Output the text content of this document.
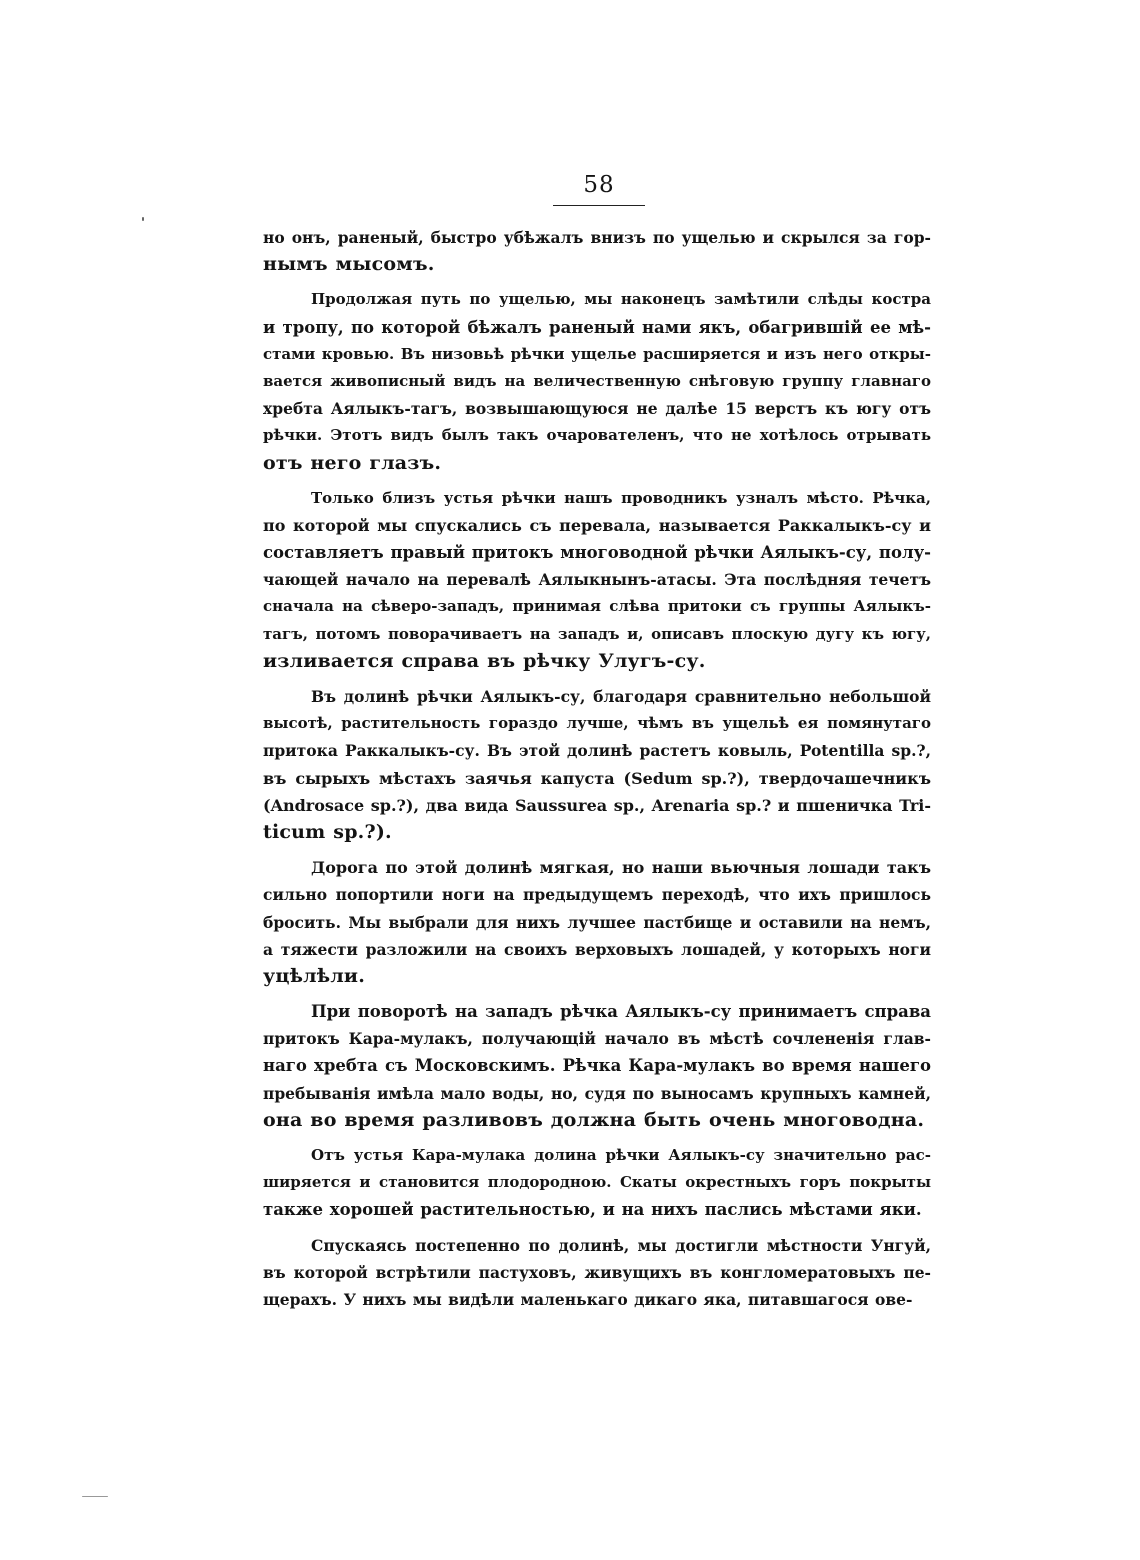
58
но онъ, раненый, быстро убѣжалъ внизъ по ущелью и скрылся за гор-
нымъ мысомъ.
Продолжая путь по ущелью, мы наконецъ замѣтили слѣды костра
и тропу, по которой бѣжалъ раненый нами якъ, обагрившій ее мѣ-
стами кровью. Въ низовьѣ рѣчки ущелье расширяется и изъ него откры-
вается живописный видъ на величественную снѣговую группу главнаго
хребта Аялыкъ-тагъ, возвышающуюся не далѣе 15 верстъ къ югу отъ
рѣчки. Этотъ видъ былъ такъ очарователенъ, что не хотѣлось отрывать
отъ него глазъ.
Только близъ устья рѣчки нашъ проводникъ узналъ мѣсто. Рѣчка,
по которой мы спускались съ перевала, называется Раккалыкъ-су и
составляетъ правый притокъ многоводной рѣчки Аялыкъ-су, полу-
чающей начало на перевалѣ Аялыкнынъ-атасы. Эта послѣдняя течетъ
сначала на сѣверо-западъ, принимая слѣва притоки съ группы Аялыкъ-
тагъ, потомъ поворачиваетъ на западъ и, описавъ плоскую дугу къ югу,
изливается справа въ рѣчку Улугъ-су.
Въ долинѣ рѣчки Аялыкъ-су, благодаря сравнительно небольшой
высотѣ, растительность гораздо лучше, чѣмъ въ ущельѣ ея помянутаго
притока Раккалыкъ-су. Въ этой долинѣ растетъ ковыль, Potentilla sp.?,
въ сырыхъ мѣстахъ заячья капуста (Sedum sp.?), твердочашечникъ
(Androsace sp.?), два вида Saussurea sp., Arenaria sp.? и пшеничка Tri-
ticum sp.?).
Дорога по этой долинѣ мягкая, но наши вьючныя лошади такъ
сильно попортили ноги на предыдущемъ переходѣ, что ихъ пришлось
бросить. Мы выбрали для нихъ лучшее пастбище и оставили на немъ,
а тяжести разложили на своихъ верховыхъ лошадей, у которыхъ ноги
уцѣлѣли.
При поворотѣ на западъ рѣчка Аялыкъ-су принимаетъ справа
притокъ Кара-мулакъ, получающій начало въ мѣстѣ сочлененія глав-
наго хребта съ Московскимъ. Рѣчка Кара-мулакъ во время нашего
пребыванія имѣла мало воды, но, судя по выносамъ крупныхъ камней,
она во время разливовъ должна быть очень многоводна.
Отъ устья Кара-мулака долина рѣчки Аялыкъ-су значительно рас-
ширяется и становится плодородною. Скаты окрестныхъ горъ покрыты
также хорошей растительностью, и на нихъ паслись мѣстами яки.
Спускаясь постепенно по долинѣ, мы достигли мѣстности Унгуй,
въ которой встрѣтили пастуховъ, живущихъ въ конгломератовыхъ пе-
щерахъ. У нихъ мы видѣли маленькаго дикаго яка, питавшагося ове-
